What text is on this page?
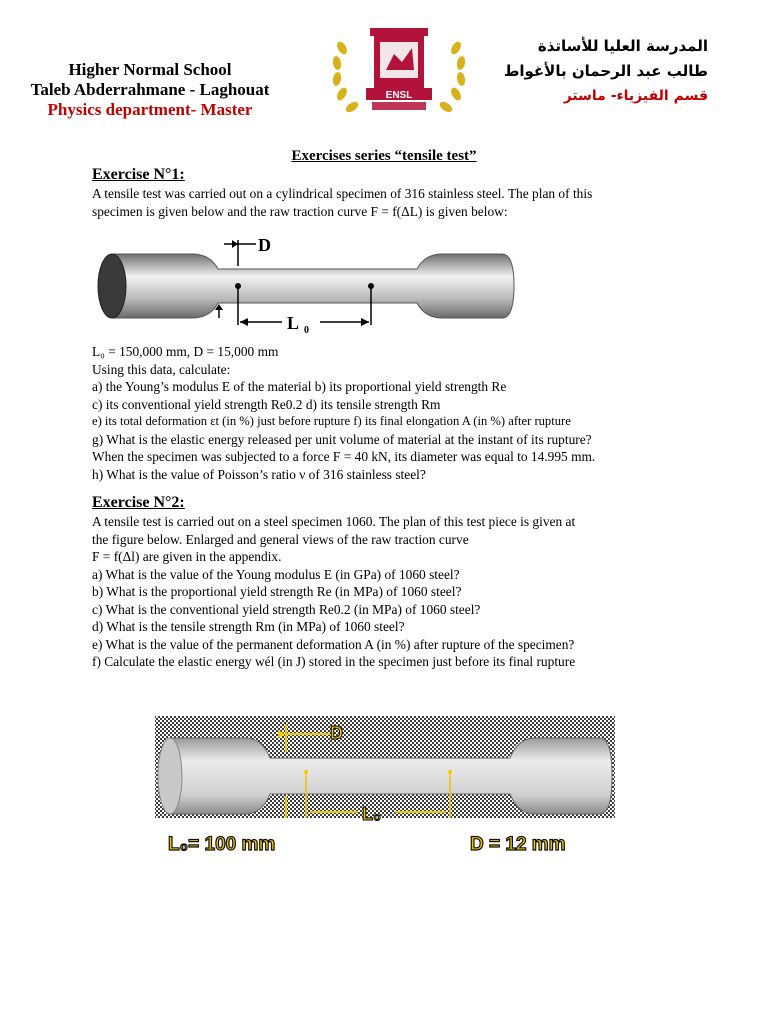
Higher Normal School
Taleb Abderrahmane - Laghouat
Physics department- Master
ENSL
المدرسة العليا للأساتذة
طالب عبد الرحمان بالأغواط
قسم الفيزياء- ماستر
Exercises series “tensile test”
Exercise N°1:

A tensile test was carried out on a cylindrical specimen of 316 stainless steel. The plan of this

specimen is given below and the raw traction curve F = f(ΔL) is given below:

D
L 0

L₀ = 150,000 mm, D = 15,000 mm

Using this data, calculate:

a) the Young’s modulus E of the material b) its proportional yield strength Re

c) its conventional yield strength Re0.2 d) its tensile strength Rm

e) its total deformation εt (in %) just before rupture f) its final elongation A (in %) after rupture

g) What is the elastic energy released per unit volume of material at the instant of its rupture?

When the specimen was subjected to a force F = 40 kN, its diameter was equal to 14.995 mm.

h) What is the value of Poisson’s ratio ν of 316 stainless steel?

Exercise N°2:

A tensile test is carried out on a steel specimen 1060. The plan of this test piece is given at

the figure below. Enlarged and general views of the raw traction curve

F = f(Δl) are given in the appendix.

a) What is the value of the Young modulus E (in GPa) of 1060 steel?

b) What is the proportional yield strength Re (in MPa) of 1060 steel?

c) What is the conventional yield strength Re0.2 (in MPa) of 1060 steel?

d) What is the tensile strength Rm (in MPa) of 1060 steel?

e) What is the value of the permanent deformation A (in %) after rupture of the specimen?

f) Calculate the elastic energy wél (in J) stored in the specimen just before its final rupture

D
L₀
L₀= 100 mm	D = 12 mm
